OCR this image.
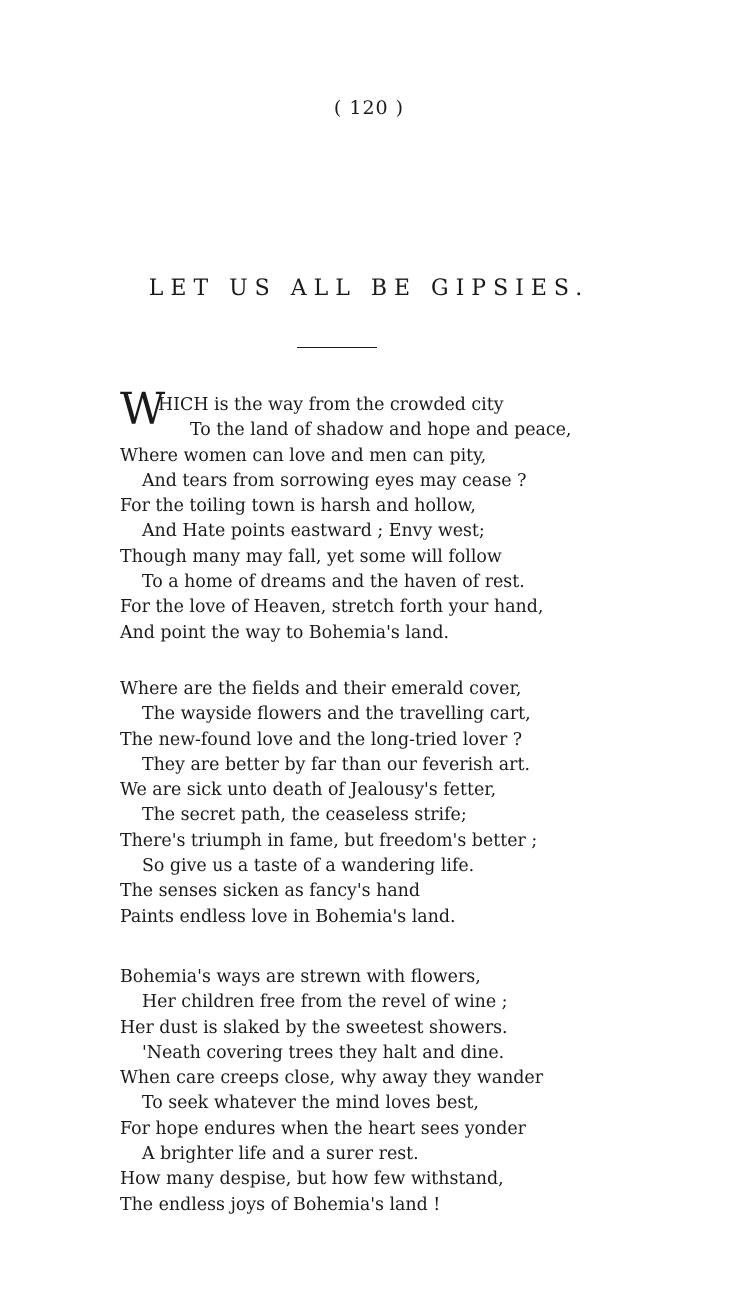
( 120 )
LET US ALL BE GIPSIES.
W
HICH is the way from the crowded city
To the land of shadow and hope and peace,
Where women can love and men can pity,
And tears from sorrowing eyes may cease ?
For the toiling town is harsh and hollow,
And Hate points eastward ; Envy west;
Though many may fall, yet some will follow
To a home of dreams and the haven of rest.
For the love of Heaven, stretch forth your hand,
And point the way to Bohemia's land.
Where are the fields and their emerald cover,
The wayside flowers and the travelling cart,
The new-found love and the long-tried lover ?
They are better by far than our feverish art.
We are sick unto death of Jealousy's fetter,
The secret path, the ceaseless strife;
There's triumph in fame, but freedom's better ;
So give us a taste of a wandering life.
The senses sicken as fancy's hand
Paints endless love in Bohemia's land.
Bohemia's ways are strewn with flowers,
Her children free from the revel of wine ;
Her dust is slaked by the sweetest showers.
'Neath covering trees they halt and dine.
When care creeps close, why away they wander
To seek whatever the mind loves best,
For hope endures when the heart sees yonder
A brighter life and a surer rest.
How many despise, but how few withstand,
The endless joys of Bohemia's land !
